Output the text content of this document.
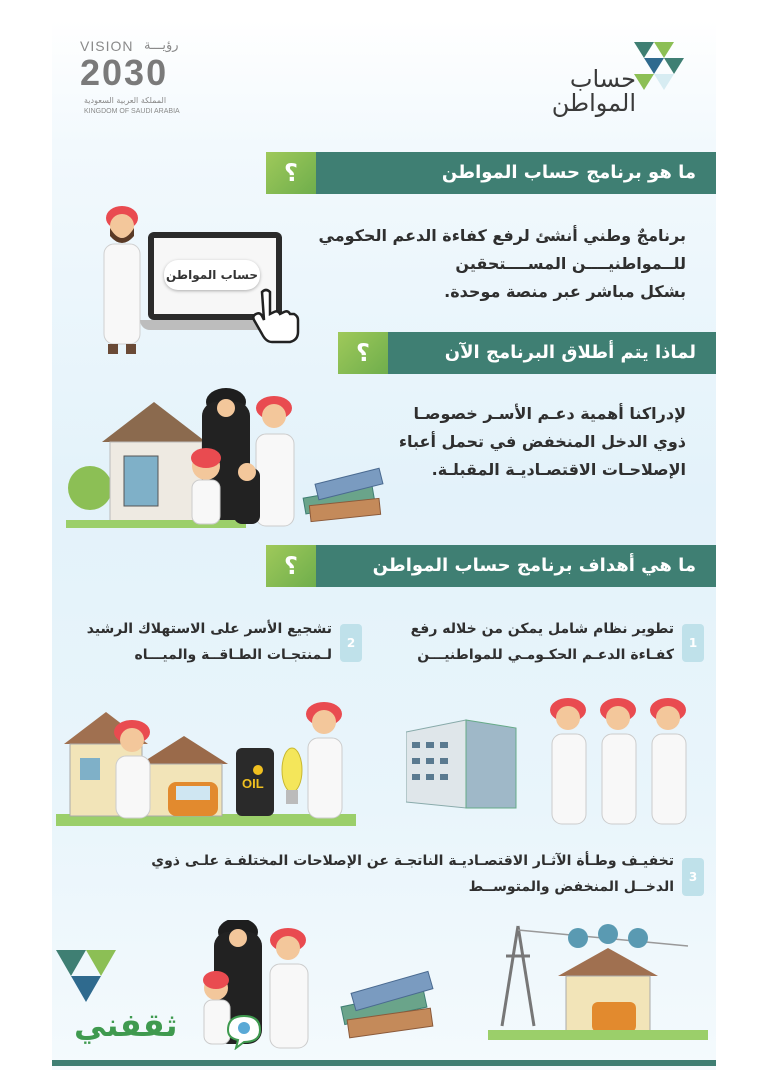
VISION رؤيـــة
2030
المملكة العربية السعودية
KINGDOM OF SAUDI ARABIA
حساب
المواطن
؟	ما هو برنامج حساب المواطن
حساب المواطن
برنامجٌ وطني أنشئ لرفع كفاءة الدعم الحكومي
للــمواطنيــــن المســــتحقين
بشكل مباشر عبر منصة موحدة.
؟	لماذا يتم أطلاق البرنامج الآن
لإدراكنا أهمية دعـم الأسـر خصوصـا
ذوي الدخل المنخفض في تحمل أعباء
الإصلاحـات الاقتصـاديـة المقبلـة.
؟	ما هي أهداف برنامج حساب المواطن
1
تطوير نظام شامل يمكن من خلاله رفع
كفـاءة الدعـم الحكـومـي للمواطنيـــن
2
تشجيع الأسر على الاستهلاك الرشيد
لـمنتجـات الطـاقــة والميـــاه
OIL
3
تخفيـف وطـأة الآثـار الاقتصـاديـة الناتجـة عن الإصلاحات المختلفـة علـى ذوي
الدخــل المنخفض والمتوســط
ثقفني
